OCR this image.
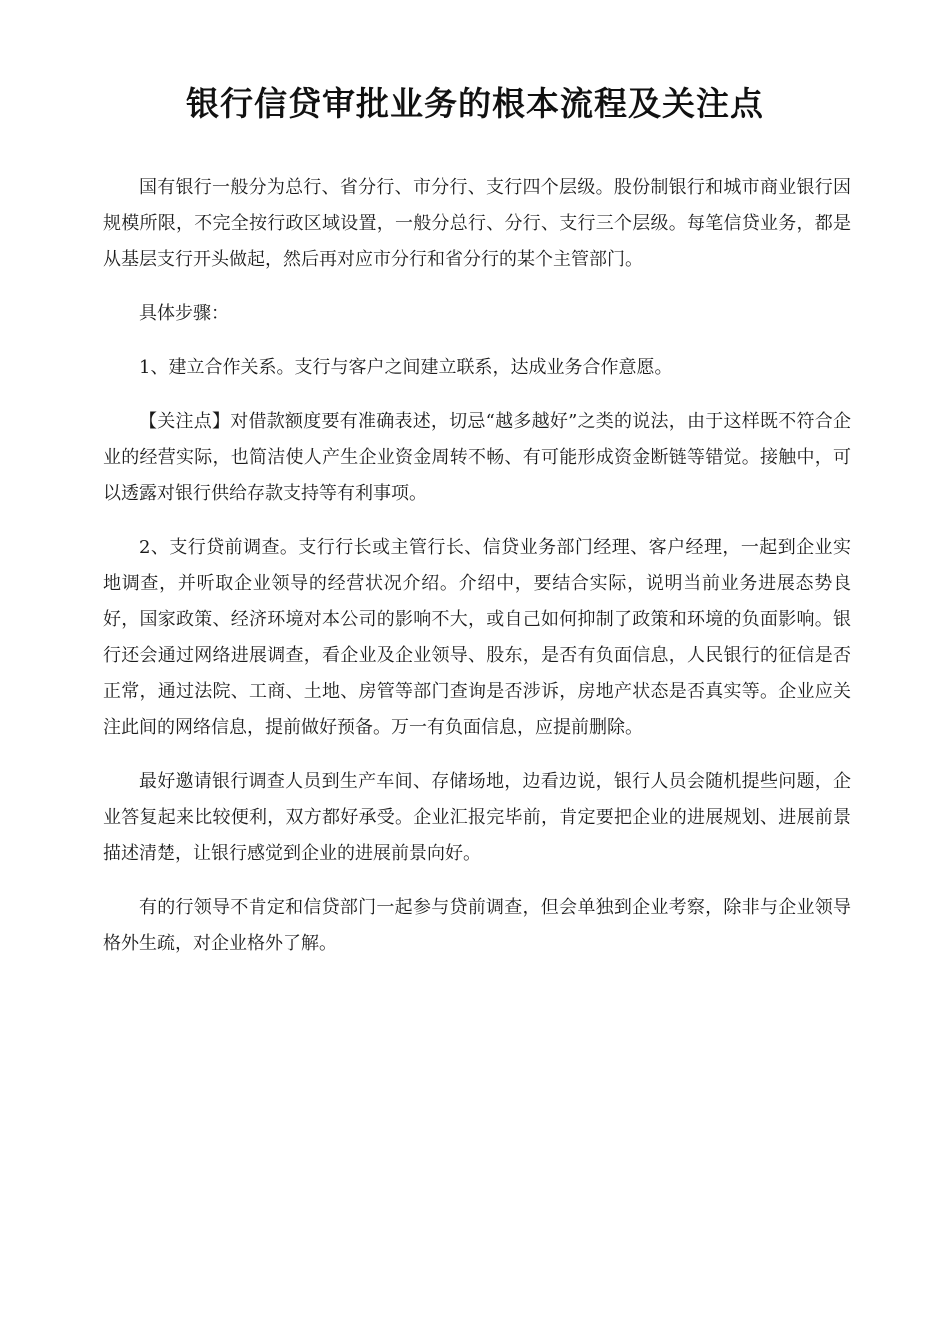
银行信贷审批业务的根本流程及关注点

国有银行一般分为总行、省分行、市分行、支行四个层级。股份制银行和城市商业银行因规模所限，不完全按行政区域设置，一般分总行、分行、支行三个层级。每笔信贷业务，都是从基层支行开头做起，然后再对应市分行和省分行的某个主管部门。

具体步骤：

1、建立合作关系。支行与客户之间建立联系，达成业务合作意愿。

【关注点】对借款额度要有准确表述，切忌“越多越好”之类的说法，由于这样既不符合企业的经营实际，也简洁使人产生企业资金周转不畅、有可能形成资金断链等错觉。接触中，可以透露对银行供给存款支持等有利事项。

2、支行贷前调查。支行行长或主管行长、信贷业务部门经理、客户经理，一起到企业实地调查，并听取企业领导的经营状况介绍。介绍中，要结合实际，说明当前业务进展态势良好，国家政策、经济环境对本公司的影响不大，或自己如何抑制了政策和环境的负面影响。银行还会通过网络进展调查，看企业及企业领导、股东，是否有负面信息，人民银行的征信是否正常，通过法院、工商、土地、房管等部门查询是否涉诉，房地产状态是否真实等。企业应关注此间的网络信息，提前做好预备。万一有负面信息，应提前删除。

最好邀请银行调查人员到生产车间、存储场地，边看边说，银行人员会随机提些问题，企业答复起来比较便利，双方都好承受。企业汇报完毕前，肯定要把企业的进展规划、进展前景描述清楚，让银行感觉到企业的进展前景向好。

有的行领导不肯定和信贷部门一起参与贷前调查，但会单独到企业考察，除非与企业领导格外生疏，对企业格外了解。
